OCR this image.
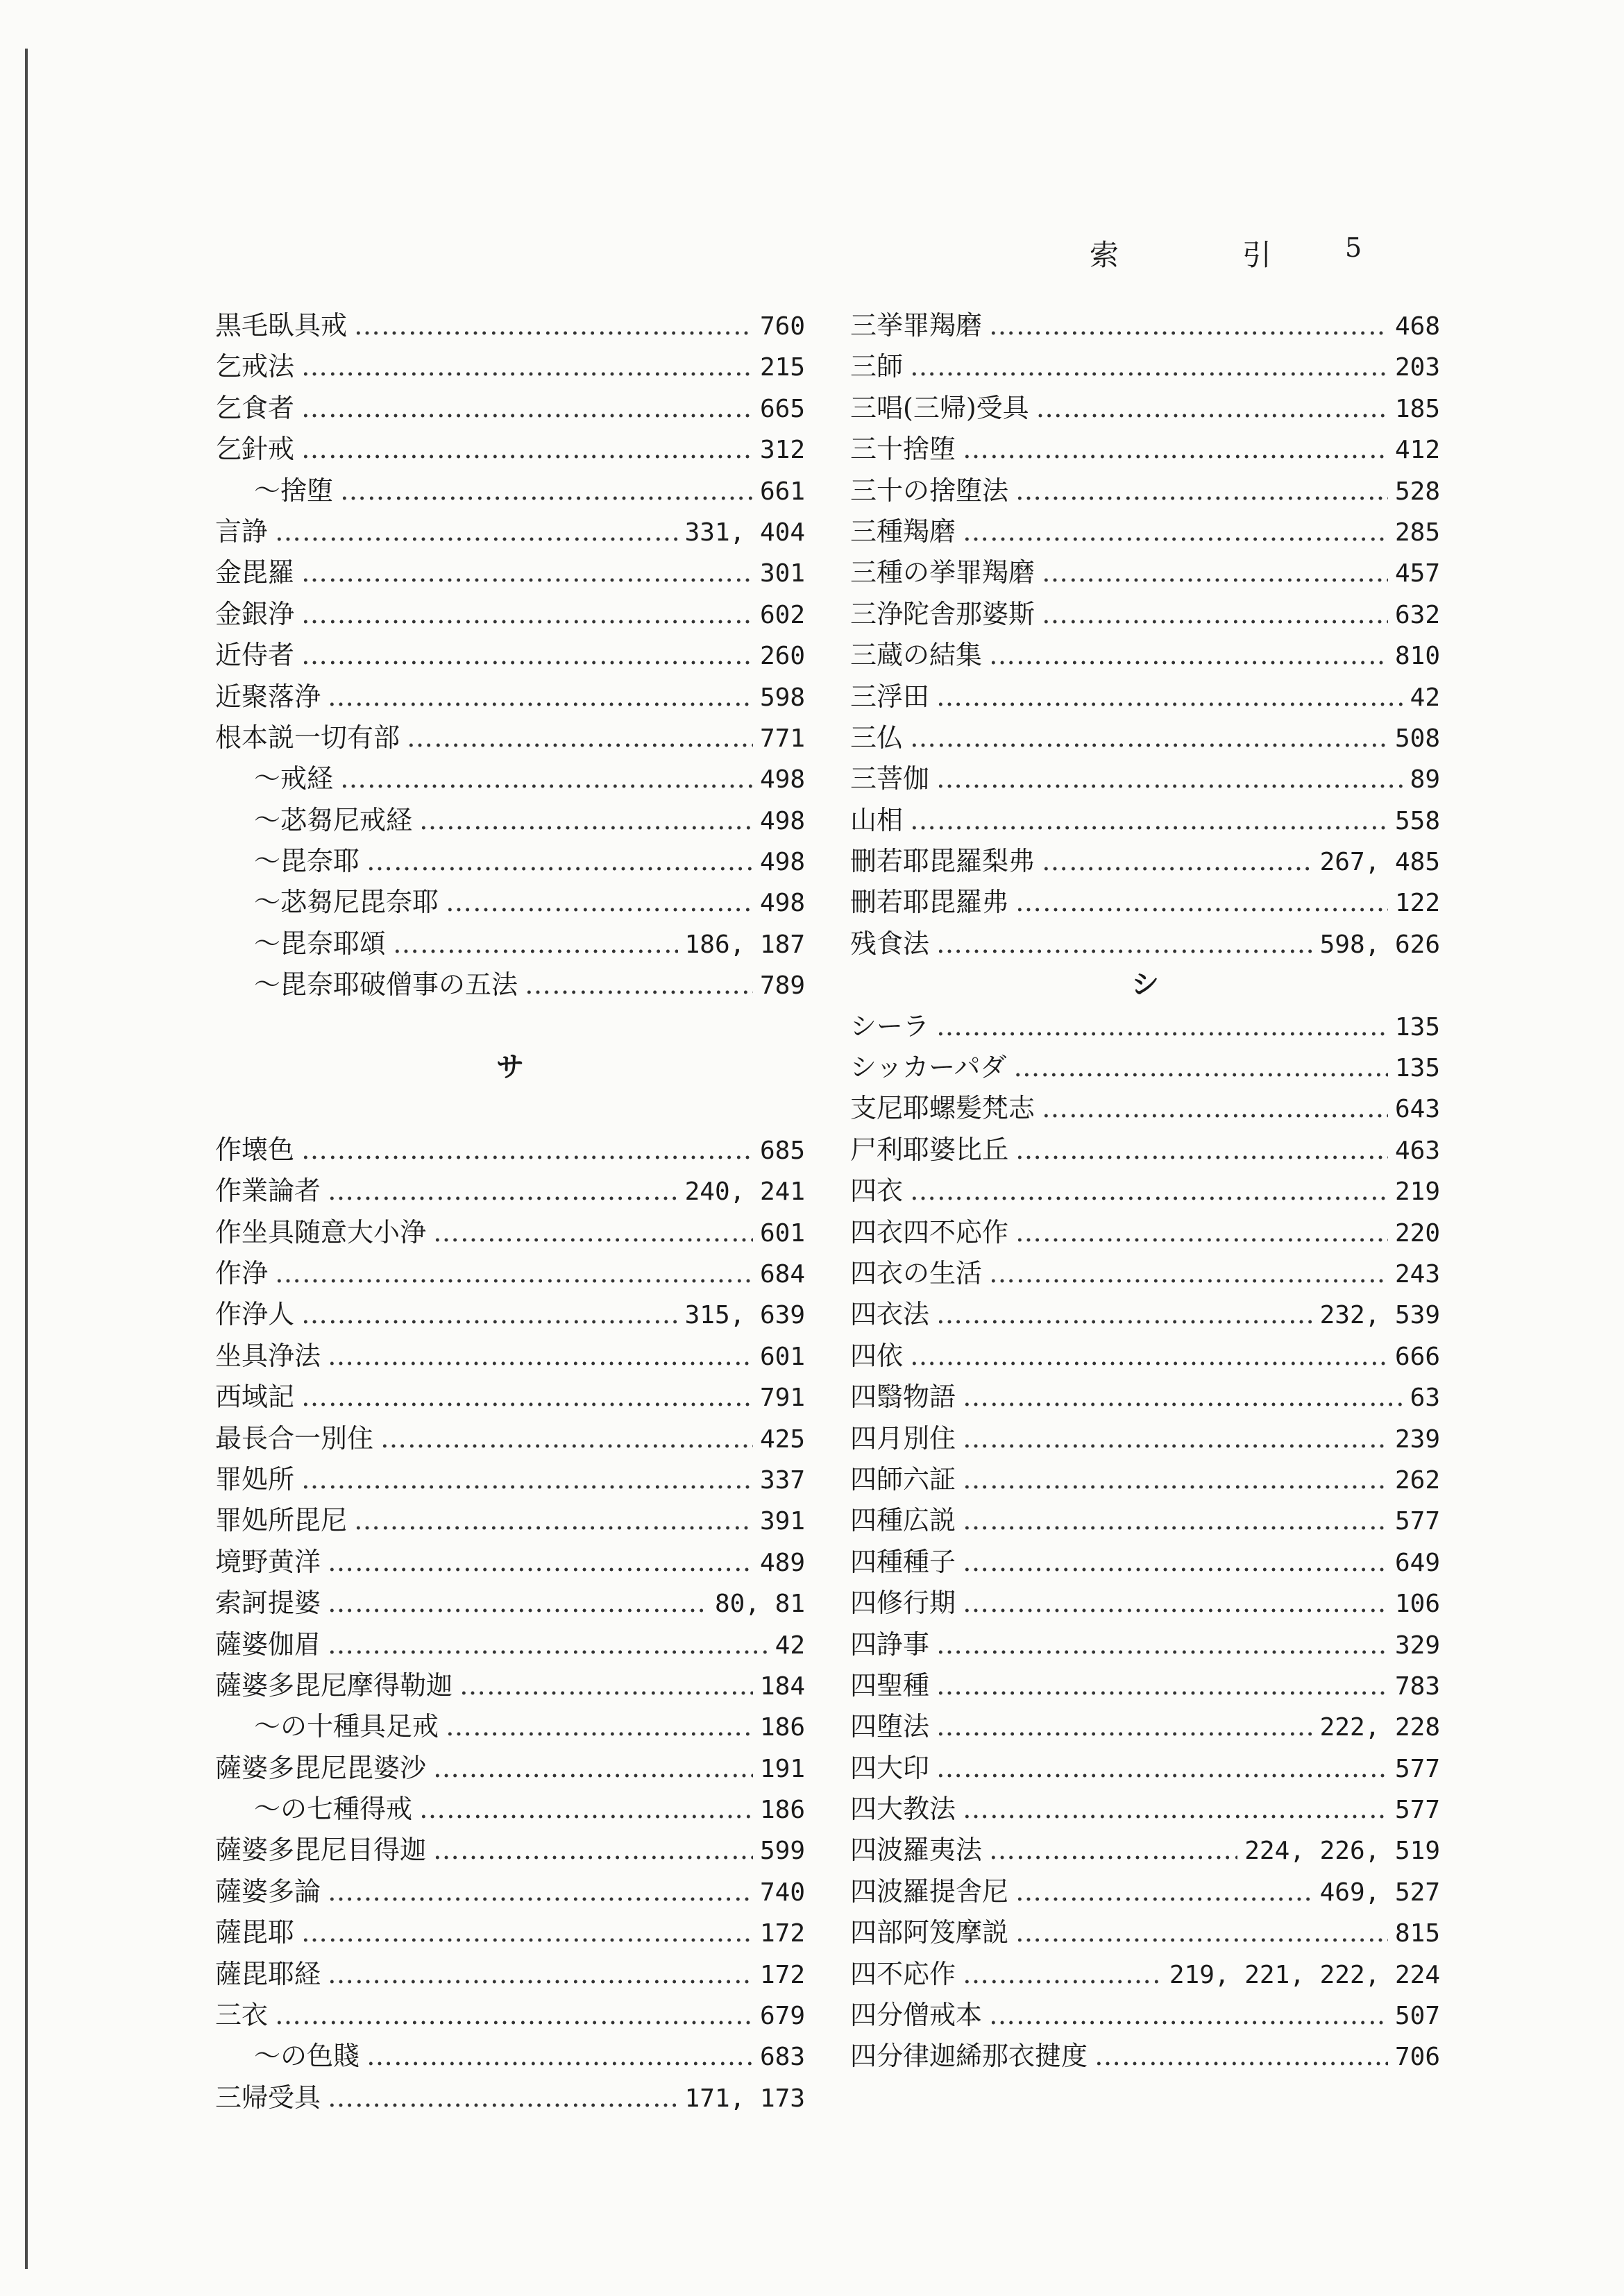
索	引	5
黒毛臥具戒 ……………………………………………………………………………………………………………………………………………………	760
乞戒法 ……………………………………………………………………………………………………………………………………………………	215
乞食者 ……………………………………………………………………………………………………………………………………………………	665
乞針戒 ……………………………………………………………………………………………………………………………………………………	312
～捨堕 ……………………………………………………………………………………………………………………………………………………	661
言諍 ……………………………………………………………………………………………………………………………………………………	331, 404
金毘羅 ……………………………………………………………………………………………………………………………………………………	301
金銀浄 ……………………………………………………………………………………………………………………………………………………	602
近侍者 ……………………………………………………………………………………………………………………………………………………	260
近聚落浄 ……………………………………………………………………………………………………………………………………………………	598
根本説一切有部 ……………………………………………………………………………………………………………………………………………………	771
～戒経 ……………………………………………………………………………………………………………………………………………………	498
～苾芻尼戒経 ……………………………………………………………………………………………………………………………………………………	498
～毘奈耶 ……………………………………………………………………………………………………………………………………………………	498
～苾芻尼毘奈耶 ……………………………………………………………………………………………………………………………………………………	498
～毘奈耶頌 ……………………………………………………………………………………………………………………………………………………	186, 187
～毘奈耶破僧事の五法 ……………………………………………………………………………………………………………………………………………………	789
サ
作壊色 ……………………………………………………………………………………………………………………………………………………	685
作業論者 ……………………………………………………………………………………………………………………………………………………	240, 241
作坐具随意大小浄 ……………………………………………………………………………………………………………………………………………………	601
作浄 ……………………………………………………………………………………………………………………………………………………	684
作浄人 ……………………………………………………………………………………………………………………………………………………	315, 639
坐具浄法 ……………………………………………………………………………………………………………………………………………………	601
西域記 ……………………………………………………………………………………………………………………………………………………	791
最長合一別住 ……………………………………………………………………………………………………………………………………………………	425
罪処所 ……………………………………………………………………………………………………………………………………………………	337
罪処所毘尼 ……………………………………………………………………………………………………………………………………………………	391
境野黄洋 ……………………………………………………………………………………………………………………………………………………	489
索訶提婆 ……………………………………………………………………………………………………………………………………………………	80, 81
薩婆伽眉 ……………………………………………………………………………………………………………………………………………………	42
薩婆多毘尼摩得勒迦 ……………………………………………………………………………………………………………………………………………………	184
～の十種具足戒 ……………………………………………………………………………………………………………………………………………………	186
薩婆多毘尼毘婆沙 ……………………………………………………………………………………………………………………………………………………	191
～の七種得戒 ……………………………………………………………………………………………………………………………………………………	186
薩婆多毘尼目得迦 ……………………………………………………………………………………………………………………………………………………	599
薩婆多論 ……………………………………………………………………………………………………………………………………………………	740
薩毘耶 ……………………………………………………………………………………………………………………………………………………	172
薩毘耶経 ……………………………………………………………………………………………………………………………………………………	172
三衣 ……………………………………………………………………………………………………………………………………………………	679
～の色賤 ……………………………………………………………………………………………………………………………………………………	683
三帰受具 ……………………………………………………………………………………………………………………………………………………	171, 173
三挙罪羯磨 ……………………………………………………………………………………………………………………………………………………	468
三師 ……………………………………………………………………………………………………………………………………………………	203
三唱(三帰)受具 ……………………………………………………………………………………………………………………………………………………	185
三十捨堕 ……………………………………………………………………………………………………………………………………………………	412
三十の捨堕法 ……………………………………………………………………………………………………………………………………………………	528
三種羯磨 ……………………………………………………………………………………………………………………………………………………	285
三種の挙罪羯磨 ……………………………………………………………………………………………………………………………………………………	457
三浄陀舎那婆斯 ……………………………………………………………………………………………………………………………………………………	632
三蔵の結集 ……………………………………………………………………………………………………………………………………………………	810
三浮田 ……………………………………………………………………………………………………………………………………………………	42
三仏 ……………………………………………………………………………………………………………………………………………………	508
三菩伽 ……………………………………………………………………………………………………………………………………………………	89
山相 ……………………………………………………………………………………………………………………………………………………	558
刪若耶毘羅梨弗 ……………………………………………………………………………………………………………………………………………………	267, 485
刪若耶毘羅弗 ……………………………………………………………………………………………………………………………………………………	122
残食法 ……………………………………………………………………………………………………………………………………………………	598, 626
シ
シーラ ……………………………………………………………………………………………………………………………………………………	135
シッカーパダ ……………………………………………………………………………………………………………………………………………………	135
支尼耶螺髪梵志 ……………………………………………………………………………………………………………………………………………………	643
尸利耶婆比丘 ……………………………………………………………………………………………………………………………………………………	463
四衣 ……………………………………………………………………………………………………………………………………………………	219
四衣四不応作 ……………………………………………………………………………………………………………………………………………………	220
四衣の生活 ……………………………………………………………………………………………………………………………………………………	243
四衣法 ……………………………………………………………………………………………………………………………………………………	232, 539
四依 ……………………………………………………………………………………………………………………………………………………	666
四翳物語 ……………………………………………………………………………………………………………………………………………………	63
四月別住 ……………………………………………………………………………………………………………………………………………………	239
四師六証 ……………………………………………………………………………………………………………………………………………………	262
四種広説 ……………………………………………………………………………………………………………………………………………………	577
四種種子 ……………………………………………………………………………………………………………………………………………………	649
四修行期 ……………………………………………………………………………………………………………………………………………………	106
四諍事 ……………………………………………………………………………………………………………………………………………………	329
四聖種 ……………………………………………………………………………………………………………………………………………………	783
四堕法 ……………………………………………………………………………………………………………………………………………………	222, 228
四大印 ……………………………………………………………………………………………………………………………………………………	577
四大教法 ……………………………………………………………………………………………………………………………………………………	577
四波羅夷法 ……………………………………………………………………………………………………………………………………………………	224, 226, 519
四波羅提舎尼 ……………………………………………………………………………………………………………………………………………………	469, 527
四部阿笈摩説 ……………………………………………………………………………………………………………………………………………………	815
四不応作 ……………………………………………………………………………………………………………………………………………………	219, 221, 222, 224
四分僧戒本 ……………………………………………………………………………………………………………………………………………………	507
四分律迦絺那衣揵度 ……………………………………………………………………………………………………………………………………………………	706
